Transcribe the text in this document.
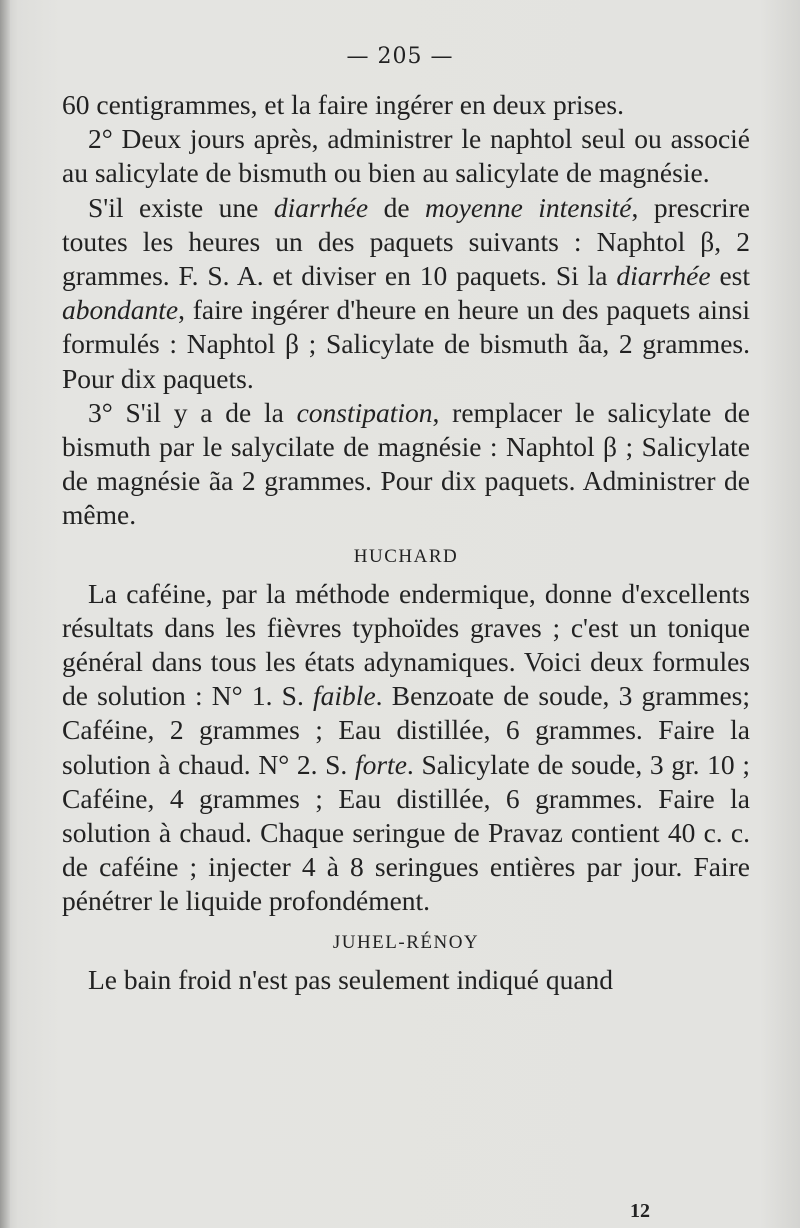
— 205 —

60 centigrammes, et la faire ingérer en deux prises.

2° Deux jours après, administrer le naphtol seul ou associé au salicylate de bismuth ou bien au salicylate de magnésie.

S'il existe une diarrhée de moyenne intensité, prescrire toutes les heures un des paquets suivants : Naphtol β, 2 grammes. F. S. A. et diviser en 10 paquets. Si la diarrhée est abondante, faire ingérer d'heure en heure un des paquets ainsi formulés : Naphtol β ; Salicylate de bismuth ãa, 2 grammes. Pour dix paquets.

3° S'il y a de la constipation, remplacer le salicylate de bismuth par le salycilate de magnésie : Naphtol β ; Salicylate de magnésie ãa 2 grammes. Pour dix paquets. Administrer de même.

HUCHARD

La caféine, par la méthode endermique, donne d'excellents résultats dans les fièvres typhoïdes graves ; c'est un tonique général dans tous les états adynamiques. Voici deux formules de solution : N° 1. S. faible. Benzoate de soude, 3 grammes; Caféine, 2 grammes ; Eau distillée, 6 grammes. Faire la solution à chaud. N° 2. S. forte. Salicylate de soude, 3 gr. 10 ; Caféine, 4 grammes ; Eau distillée, 6 grammes. Faire la solution à chaud. Chaque seringue de Pravaz contient 40 c. c. de caféine ; injecter 4 à 8 seringues entières par jour. Faire pénétrer le liquide profondément.

JUHEL-RÉNOY

Le bain froid n'est pas seulement indiqué quand

12
